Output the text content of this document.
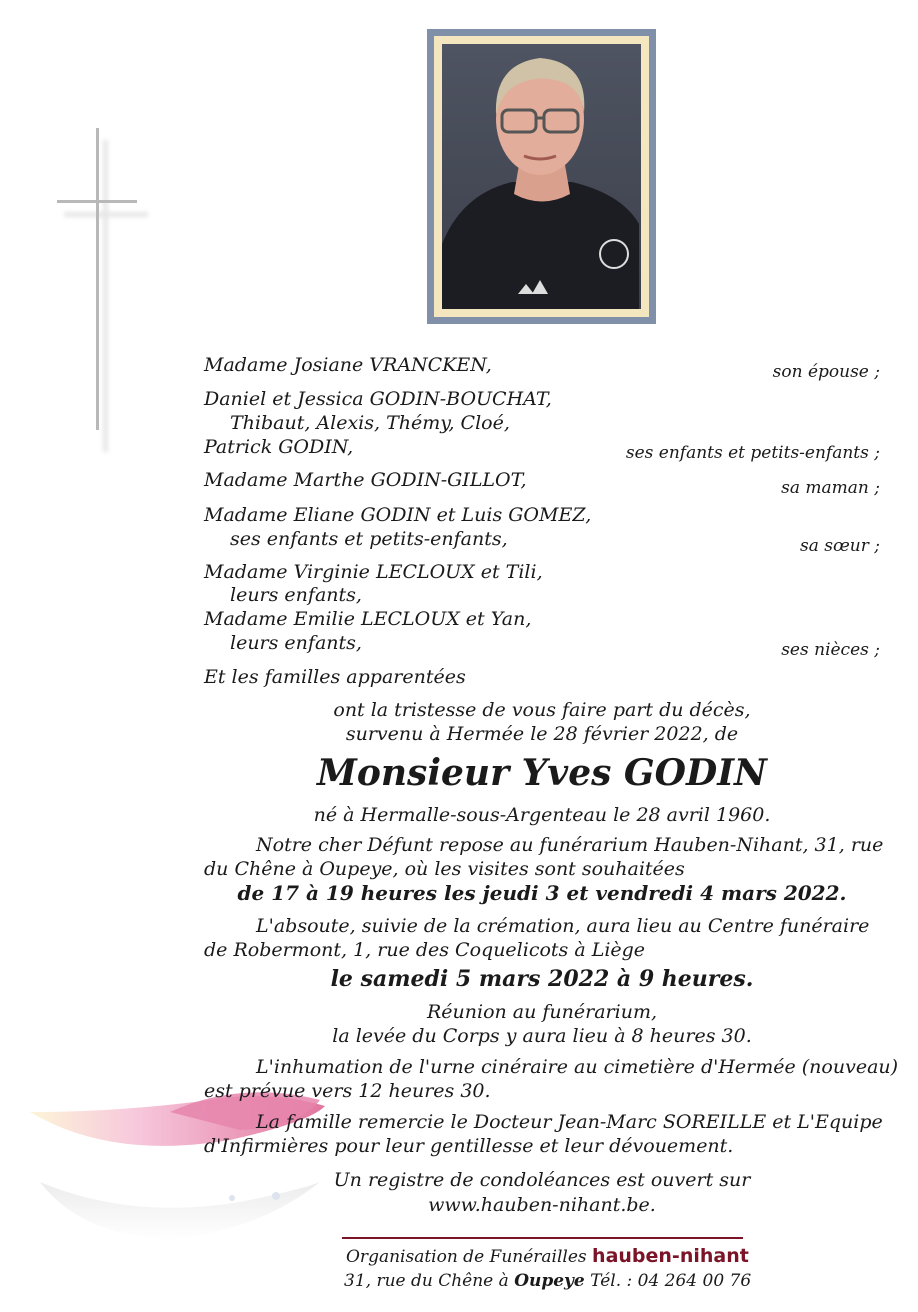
Madame Josiane VRANCKEN,	son épouse ;
Daniel et Jessica GODIN-BOUCHAT,
Thibaut, Alexis, Thémy, Cloé,
Patrick GODIN,	ses enfants et petits-enfants ;
Madame Marthe GODIN-GILLOT,	sa maman ;
Madame Eliane GODIN et Luis GOMEZ,
ses enfants et petits-enfants,	sa sœur ;
Madame Virginie LECLOUX et Tili,
leurs enfants,
Madame Emilie LECLOUX et Yan,
leurs enfants,	ses nièces ;
Et les familles apparentées
ont la tristesse de vous faire part du décès,
survenu à Hermée le 28 février 2022, de
Monsieur Yves GODIN
né à Hermalle-sous-Argenteau le 28 avril 1960.
Notre cher Défunt repose au funérarium Hauben-Nihant, 31, rue
du Chêne à Oupeye, où les visites sont souhaitées
de 17 à 19 heures les jeudi 3 et vendredi 4 mars 2022.
L'absoute, suivie de la crémation, aura lieu au Centre funéraire
de Robermont, 1, rue des Coquelicots à Liège
le samedi 5 mars 2022 à 9 heures.
Réunion au funérarium,
la levée du Corps y aura lieu à 8 heures 30.
L'inhumation de l'urne cinéraire au cimetière d'Hermée (nouveau)
est prévue vers 12 heures 30.
La famille remercie le Docteur Jean-Marc SOREILLE et L'Equipe
d'Infirmières pour leur gentillesse et leur dévouement.
Un registre de condoléances est ouvert sur
www.hauben-nihant.be.
Organisation de Funérailles hauben-nihant
31, rue du Chêne à Oupeye Tél. : 04 264 00 76
